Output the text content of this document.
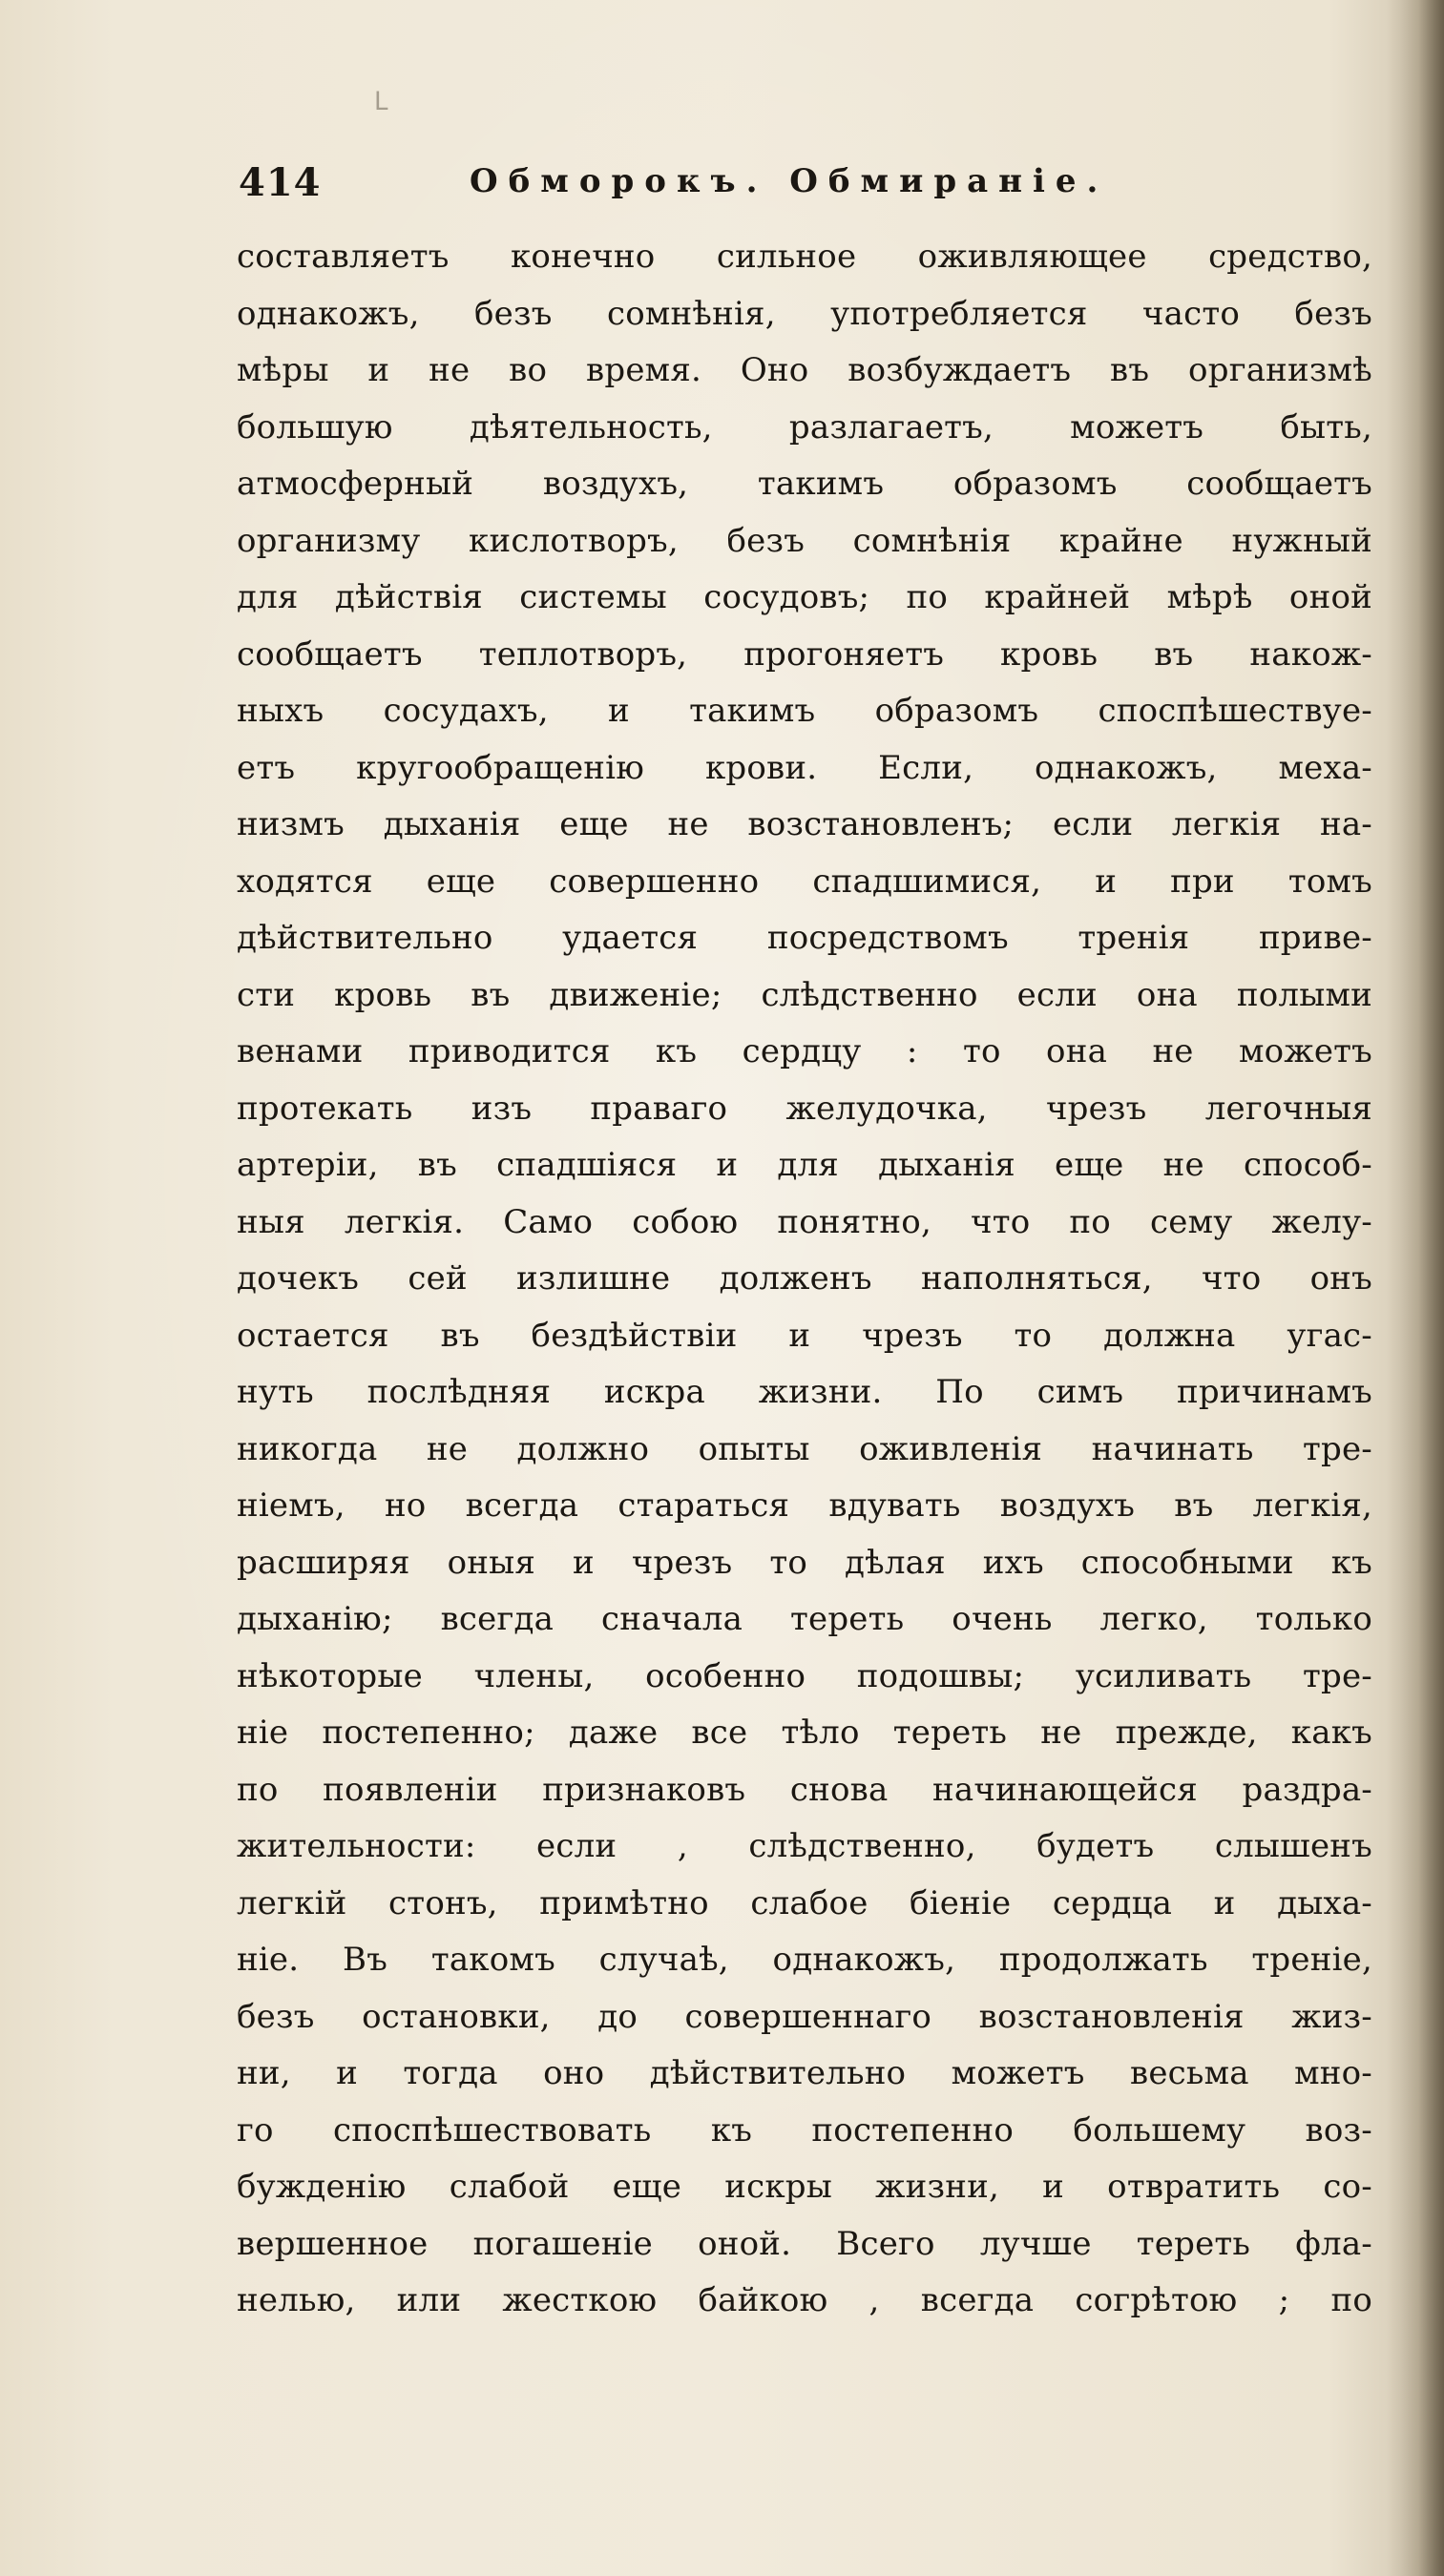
ᒪ
414	Обморокъ. Обмираніе.
составляетъ конечно сильное оживляющее средство,
однакожъ, безъ сомнѣнія, употребляется часто безъ
мѣры и не во время. Оно возбуждаетъ въ организмѣ
большую дѣятельность, разлагаетъ, можетъ быть,
атмосферный воздухъ, такимъ образомъ сообщаетъ
организму кислотворъ, безъ сомнѣнія крайне нужный
для дѣйствія системы сосудовъ; по крайней мѣрѣ оной
сообщаетъ теплотворъ, прогоняетъ кровь въ накож-
ныхъ сосудахъ, и такимъ образомъ споспѣшествуе-
етъ кругообращенію крови. Если, однакожъ, меха-
низмъ дыханія еще не возстановленъ; если легкія на-
ходятся еще совершенно спадшимися, и при томъ
дѣйствительно удается посредствомъ тренія приве-
сти кровь въ движеніе; слѣдственно если она полыми
венами приводится къ сердцу : то она не можетъ
протекать изъ праваго желудочка, чрезъ легочныя
артеріи, въ спадшіяся и для дыханія еще не способ-
ныя легкія. Само собою понятно, что по сему желу-
дочекъ сей излишне долженъ наполняться, что онъ
остается въ бездѣйствіи и чрезъ то должна угас-
нуть послѣдняя искра жизни. По симъ причинамъ
никогда не должно опыты оживленія начинать тре-
ніемъ, но всегда стараться вдувать воздухъ въ легкія,
расширяя оныя и чрезъ то дѣлая ихъ способными къ
дыханію; всегда сначала тереть очень легко, только
нѣкоторые члены, особенно подошвы; усиливать тре-
ніе постепенно; даже все тѣло тереть не прежде, какъ
по появленіи признаковъ снова начинающейся раздра-
жительности: если , слѣдственно, будетъ слышенъ
легкій стонъ, примѣтно слабое біеніе сердца и дыха-
ніе. Въ такомъ случаѣ, однакожъ, продолжать треніе,
безъ остановки, до совершеннаго возстановленія жиз-
ни, и тогда оно дѣйствительно можетъ весьма мно-
го споспѣшествовать къ постепенно большему воз-
бужденію слабой еще искры жизни, и отвратить со-
вершенное погашеніе оной. Всего лучше тереть фла-
нелью, или жесткою байкою , всегда согрѣтою ; по
